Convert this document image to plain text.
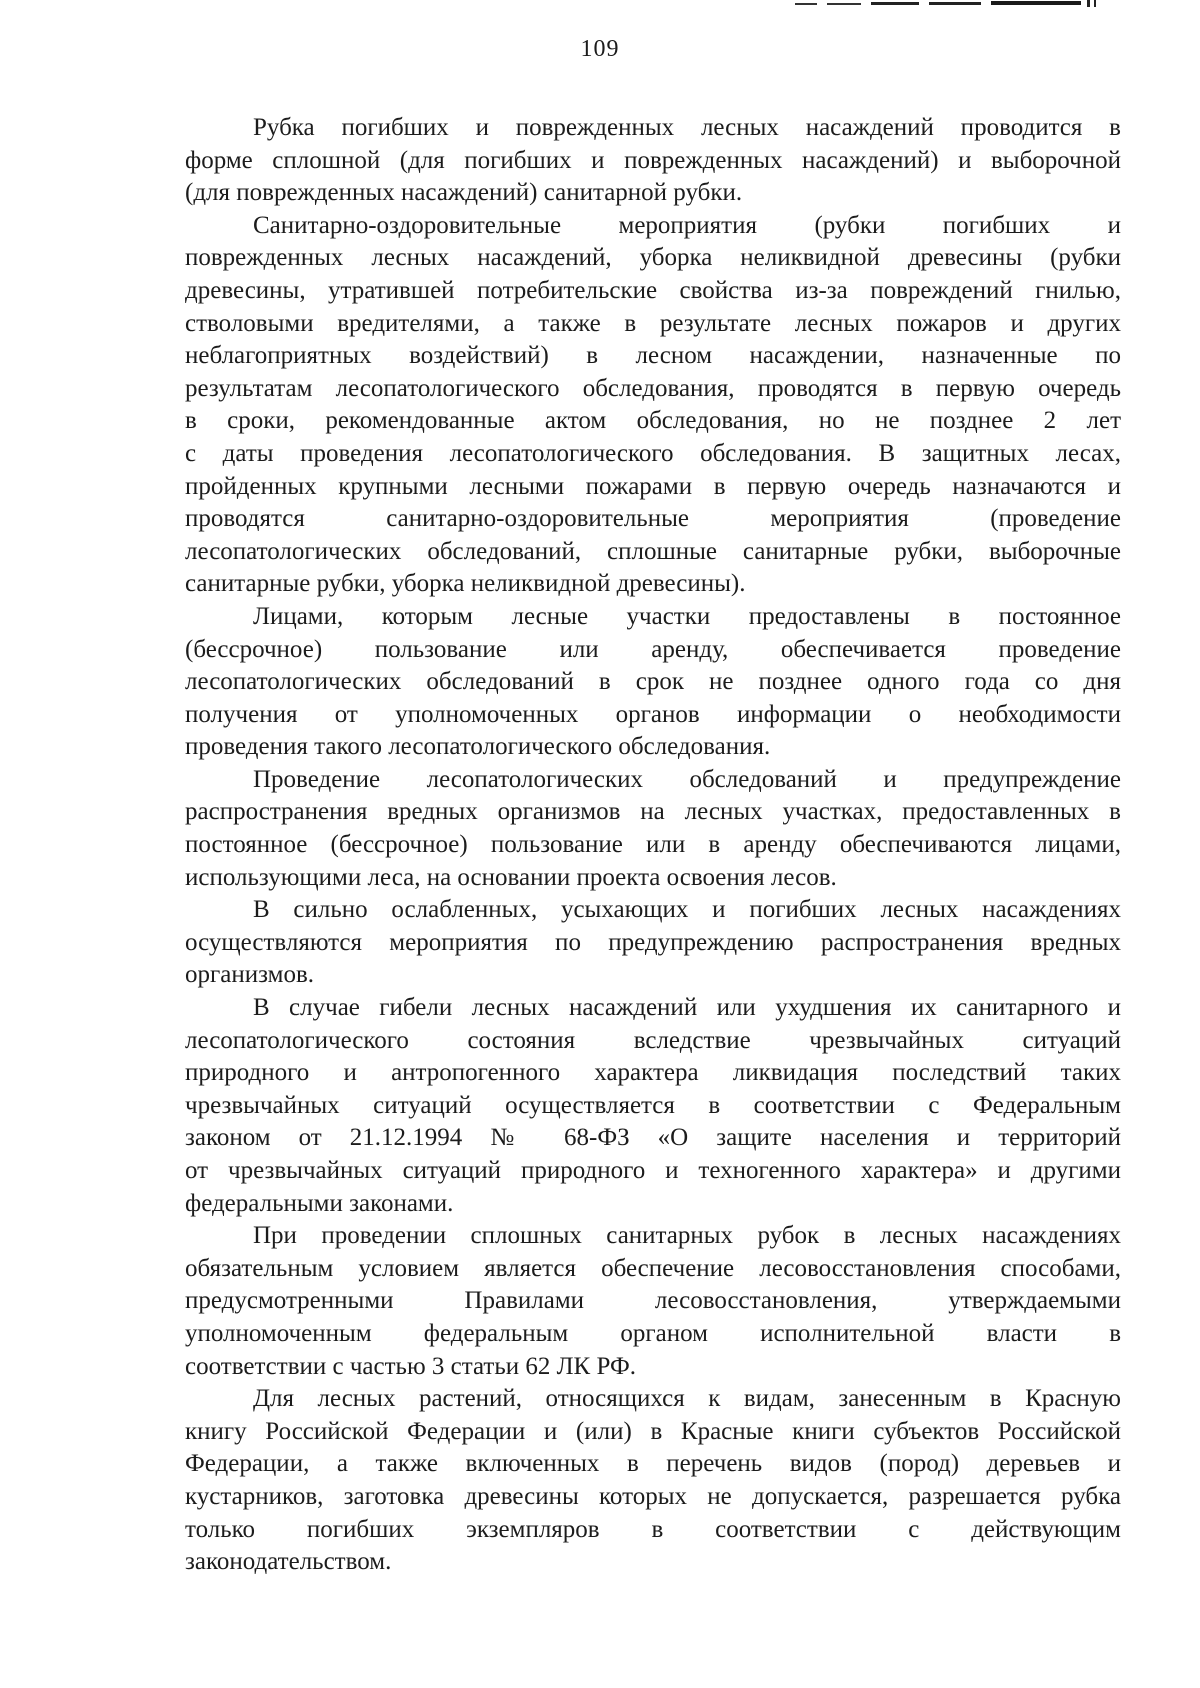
109
Рубка погибших и поврежденных лесных насаждений проводится в
форме сплошной (для погибших и поврежденных насаждений) и выборочной
(для поврежденных насаждений) санитарной рубки.
Санитарно-оздоровительные мероприятия (рубки погибших и
поврежденных лесных насаждений, уборка неликвидной древесины (рубки
древесины, утратившей потребительские свойства из-за повреждений гнилью,
стволовыми вредителями, а также в результате лесных пожаров и других
неблагоприятных воздействий) в лесном насаждении, назначенные по
результатам лесопатологического обследования, проводятся в первую очередь
в сроки, рекомендованные актом обследования, но не позднее 2 лет
с даты проведения лесопатологического обследования. В защитных лесах,
пройденных крупными лесными пожарами в первую очередь назначаются и
проводятся санитарно-оздоровительные мероприятия (проведение
лесопатологических обследований, сплошные санитарные рубки, выборочные
санитарные рубки, уборка неликвидной древесины).
Лицами, которым лесные участки предоставлены в постоянное
(бессрочное) пользование или аренду, обеспечивается проведение
лесопатологических обследований в срок не позднее одного года со дня
получения от уполномоченных органов информации о необходимости
проведения такого лесопатологического обследования.
Проведение лесопатологических обследований и предупреждение
распространения вредных организмов на лесных участках, предоставленных в
постоянное (бессрочное) пользование или в аренду обеспечиваются лицами,
использующими леса, на основании проекта освоения лесов.
В сильно ослабленных, усыхающих и погибших лесных насаждениях
осуществляются мероприятия по предупреждению распространения вредных
организмов.
В случае гибели лесных насаждений или ухудшения их санитарного и
лесопатологического состояния вследствие чрезвычайных ситуаций
природного и антропогенного характера ликвидация последствий таких
чрезвычайных ситуаций осуществляется в соответствии с Федеральным
законом от 21.12.1994 № 68-ФЗ «О защите населения и территорий
от чрезвычайных ситуаций природного и техногенного характера» и другими
федеральными законами.
При проведении сплошных санитарных рубок в лесных насаждениях
обязательным условием является обеспечение лесовосстановления способами,
предусмотренными Правилами лесовосстановления, утверждаемыми
уполномоченным федеральным органом исполнительной власти в
соответствии с частью 3 статьи 62 ЛК РФ.
Для лесных растений, относящихся к видам, занесенным в Красную
книгу Российской Федерации и (или) в Красные книги субъектов Российской
Федерации, а также включенных в перечень видов (пород) деревьев и
кустарников, заготовка древесины которых не допускается, разрешается рубка
только погибших экземпляров в соответствии с действующим
законодательством.
